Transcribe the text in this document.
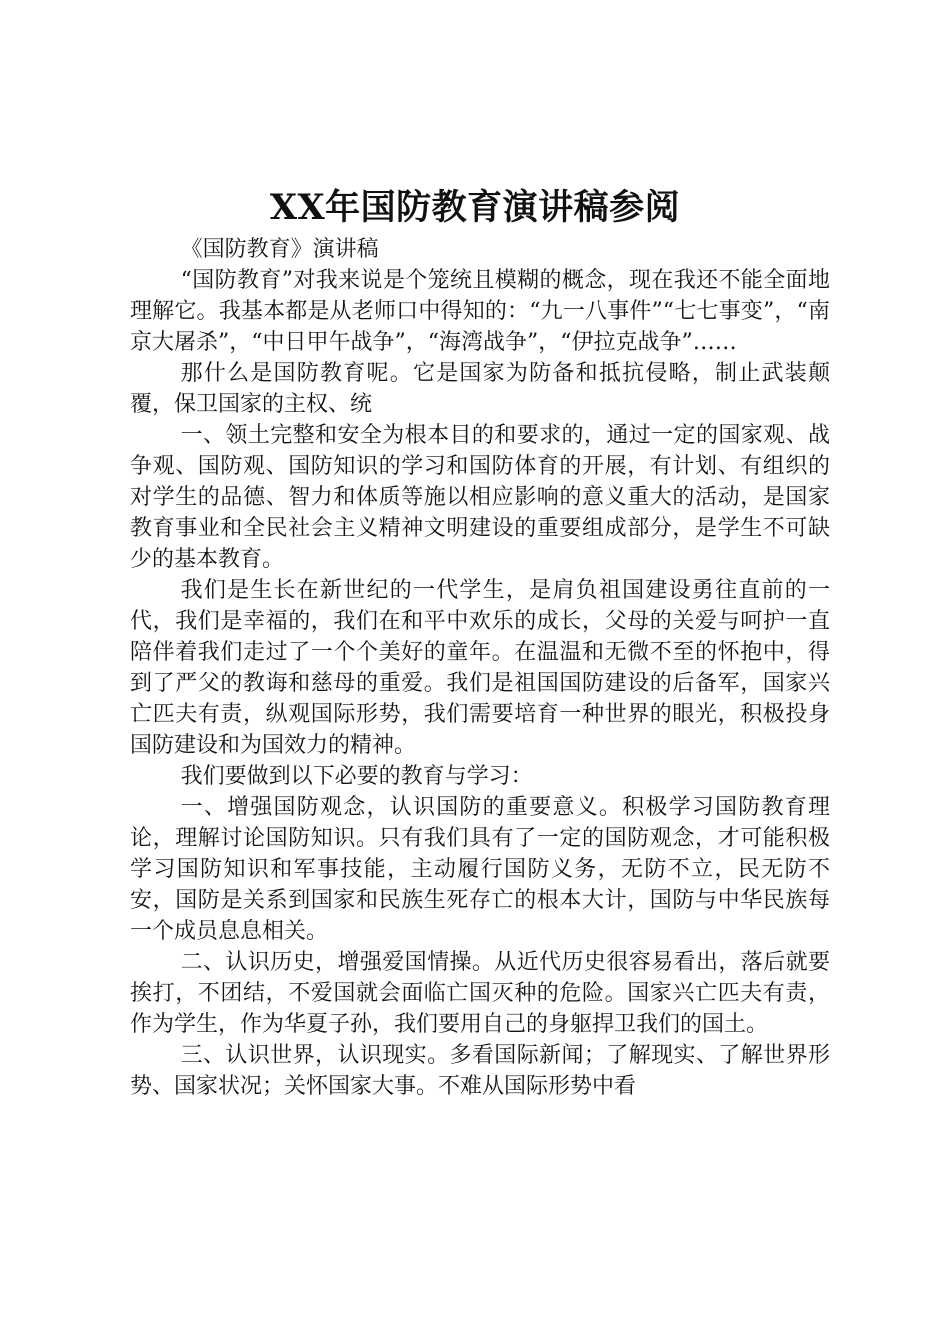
XX年国防教育演讲稿参阅

《国防教育》演讲稿

“国防教育”对我来说是个笼统且模糊的概念，现在我还不能全面地理解它。我基本都是从老师口中得知的：“九一八事件”“七七事变”，“南京大屠杀”，“中日甲午战争”，“海湾战争”，“伊拉克战争”……

那什么是国防教育呢。它是国家为防备和抵抗侵略，制止武装颠覆，保卫国家的主权、统

一、领土完整和安全为根本目的和要求的，通过一定的国家观、战争观、国防观、国防知识的学习和国防体育的开展，有计划、有组织的对学生的品德、智力和体质等施以相应影响的意义重大的活动，是国家教育事业和全民社会主义精神文明建设的重要组成部分，是学生不可缺少的基本教育。

我们是生长在新世纪的一代学生，是肩负祖国建设勇往直前的一代，我们是幸福的，我们在和平中欢乐的成长，父母的关爱与呵护一直陪伴着我们走过了一个个美好的童年。在温温和无微不至的怀抱中，得到了严父的教诲和慈母的重爱。我们是祖国国防建设的后备军，国家兴亡匹夫有责，纵观国际形势，我们需要培育一种世界的眼光，积极投身国防建设和为国效力的精神。

我们要做到以下必要的教育与学习：

一、增强国防观念，认识国防的重要意义。积极学习国防教育理论，理解讨论国防知识。只有我们具有了一定的国防观念，才可能积极学习国防知识和军事技能，主动履行国防义务，无防不立，民无防不安，国防是关系到国家和民族生死存亡的根本大计，国防与中华民族每一个成员息息相关。

二、认识历史，增强爱国情操。从近代历史很容易看出，落后就要挨打，不团结，不爱国就会面临亡国灭种的危险。国家兴亡匹夫有责，作为学生，作为华夏子孙，我们要用自己的身躯捍卫我们的国土。

三、认识世界，认识现实。多看国际新闻；了解现实、了解世界形势、国家状况；关怀国家大事。不难从国际形势中看
